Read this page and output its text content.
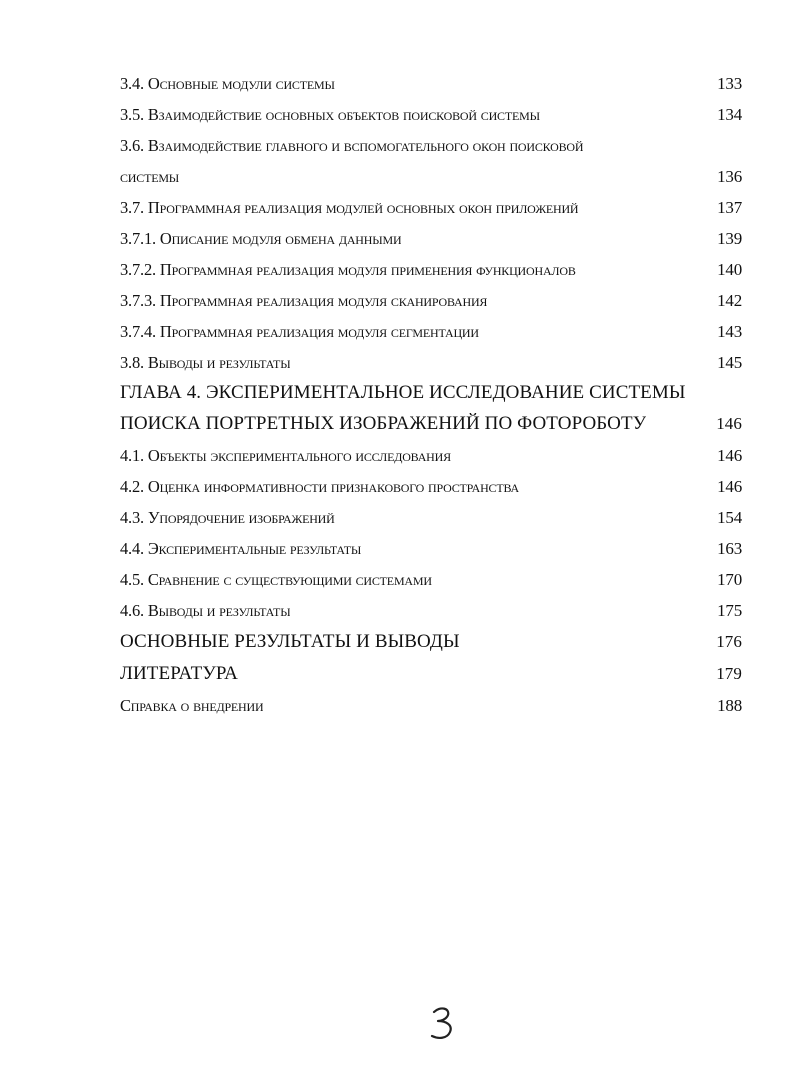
3.4. Основные модули системы	133
3.5. Взаимодействие основных объектов поисковой системы	134
3.6. Взаимодействие главного и вспомогательного окон поисковой
системы	136
3.7. Программная реализация модулей основных окон приложений	137
3.7.1. Описание модуля обмена данными	139
3.7.2. Программная реализация модуля применения функционалов	140
3.7.3. Программная реализация модуля сканирования	142
3.7.4. Программная реализация модуля сегментации	143
3.8. Выводы и результаты	145
ГЛАВА 4. ЭКСПЕРИМЕНТАЛЬНОЕ ИССЛЕДОВАНИЕ СИСТЕМЫ
ПОИСКА ПОРТРЕТНЫХ ИЗОБРАЖЕНИЙ ПО ФОТОРОБОТУ	146
4.1. Объекты экспериментального исследования	146
4.2. Оценка информативности признакового пространства	146
4.3. Упорядочение изображений	154
4.4. Экспериментальные результаты	163
4.5. Сравнение с существующими системами	170
4.6. Выводы и результаты	175
ОСНОВНЫЕ РЕЗУЛЬТАТЫ И ВЫВОДЫ	176
ЛИТЕРАТУРА	179
Справка о внедрении	188
